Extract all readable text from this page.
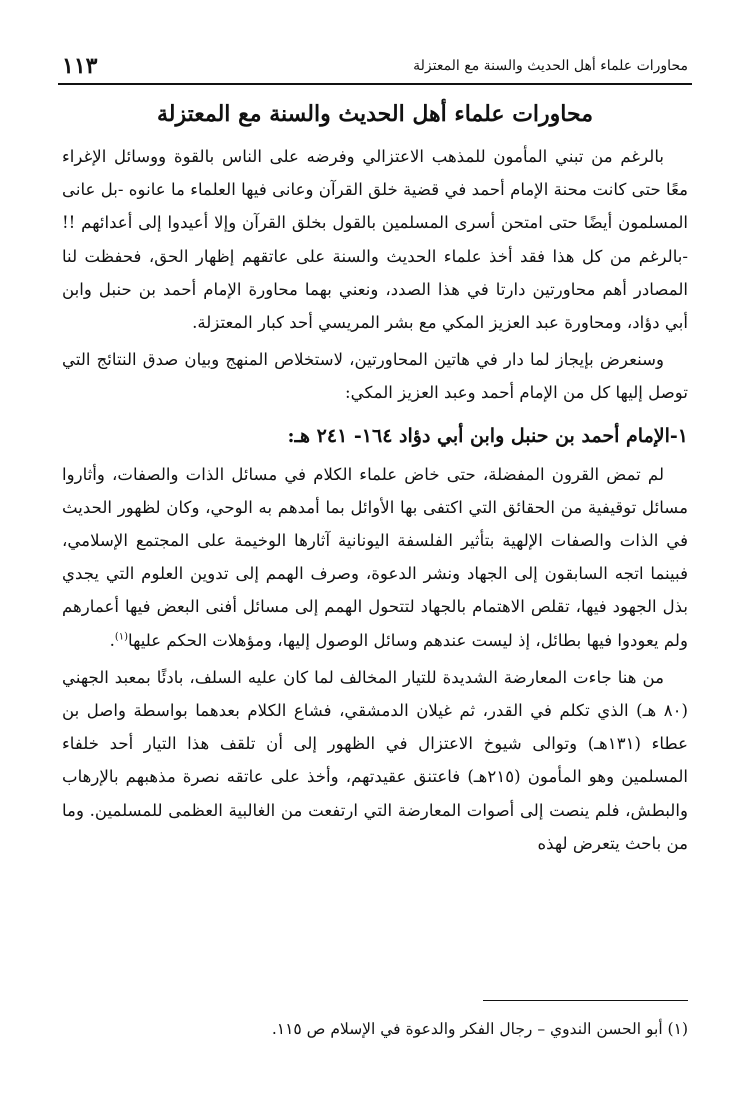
محاورات علماء أهل الحديث والسنة مع المعتزلة
١١٣
محاورات علماء أهل الحديث والسنة مع المعتزلة

بالرغم من تبني المأمون للمذهب الاعتزالي وفرضه على الناس بالقوة ووسائل الإغراء معًا حتى كانت محنة الإمام أحمد في قضية خلق القرآن وعانى فيها العلماء ما عانوه -بل عانى المسلمون أيضًا حتى امتحن أسرى المسلمين بالقول بخلق القرآن وإلا أعيدوا إلى أعدائهم !! -بالرغم من كل هذا فقد أخذ علماء الحديث والسنة على عاتقهم إظهار الحق، فحفظت لنا المصادر أهم محاورتين دارتا في هذا الصدد، ونعني بهما محاورة الإمام أحمد بن حنبل وابن أبي دؤاد، ومحاورة عبد العزيز المكي مع بشر المريسي أحد كبار المعتزلة.

وسنعرض بإيجاز لما دار في هاتين المحاورتين، لاستخلاص المنهج وبيان صدق النتائج التي توصل إليها كل من الإمام أحمد وعبد العزيز المكي:

١-الإمام أحمد بن حنبل وابن أبي دؤاد ١٦٤- ٢٤١ هـ:

لم تمض القرون المفضلة، حتى خاض علماء الكلام في مسائل الذات والصفات، وأثاروا مسائل توقيفية من الحقائق التي اكتفى بها الأوائل بما أمدهم به الوحي، وكان لظهور الحديث في الذات والصفات الإلهية بتأثير الفلسفة اليونانية آثارها الوخيمة على المجتمع الإسلامي، فبينما اتجه السابقون إلى الجهاد ونشر الدعوة، وصرف الهمم إلى تدوين العلوم التي يجدي بذل الجهود فيها، تقلص الاهتمام بالجهاد لتتحول الهمم إلى مسائل أفنى البعض فيها أعمارهم ولم يعودوا فيها بطائل، إذ ليست عندهم وسائل الوصول إليها، ومؤهلات الحكم عليها$^{(١)}$.

من هنا جاءت المعارضة الشديدة للتيار المخالف لما كان عليه السلف، بادئًا بمعبد الجهني (٨٠ هـ) الذي تكلم في القدر، ثم غيلان الدمشقي، فشاع الكلام بعدهما بواسطة واصل بن عطاء (١٣١هـ) وتوالى شيوخ الاعتزال في الظهور إلى أن تلقف هذا التيار أحد خلفاء المسلمين وهو المأمون (٢١٥هـ) فاعتنق عقيدتهم، وأخذ على عاتقه نصرة مذهبهم بالإرهاب والبطش، فلم ينصت إلى أصوات المعارضة التي ارتفعت من الغالبية العظمى للمسلمين. وما من باحث يتعرض لهذه

(١) أبو الحسن الندوي – رجال الفكر والدعوة في الإسلام ص ١١٥.
